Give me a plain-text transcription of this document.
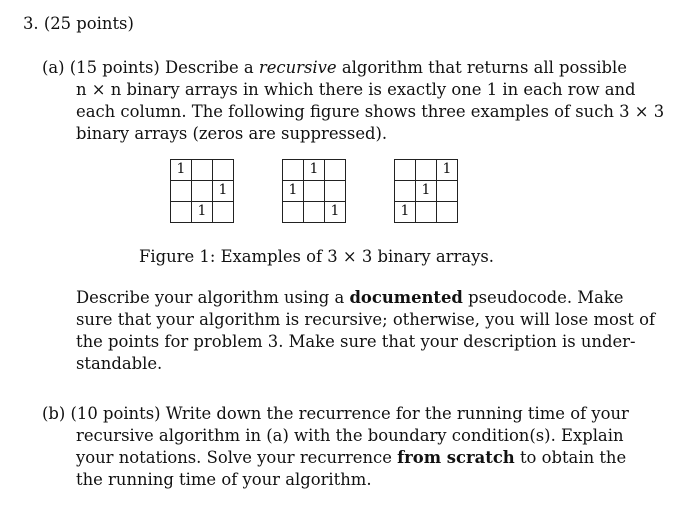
3. (25 points)
(a) (15 points) Describe a recursive algorithm that returns all possible
n × n binary arrays in which there is exactly one 1 in each row and
each column. The following figure shows three examples of such 3 × 3
binary arrays (zeros are suppressed).
1
1
1
1
1
1
1
1
1
Figure 1: Examples of 3 × 3 binary arrays.
Describe your algorithm using a documented pseudocode. Make
sure that your algorithm is recursive; otherwise, you will lose most of
the points for problem 3. Make sure that your description is under-
standable.
(b) (10 points) Write down the recurrence for the running time of your
recursive algorithm in (a) with the boundary condition(s). Explain
your notations. Solve your recurrence from scratch to obtain the
the running time of your algorithm.
